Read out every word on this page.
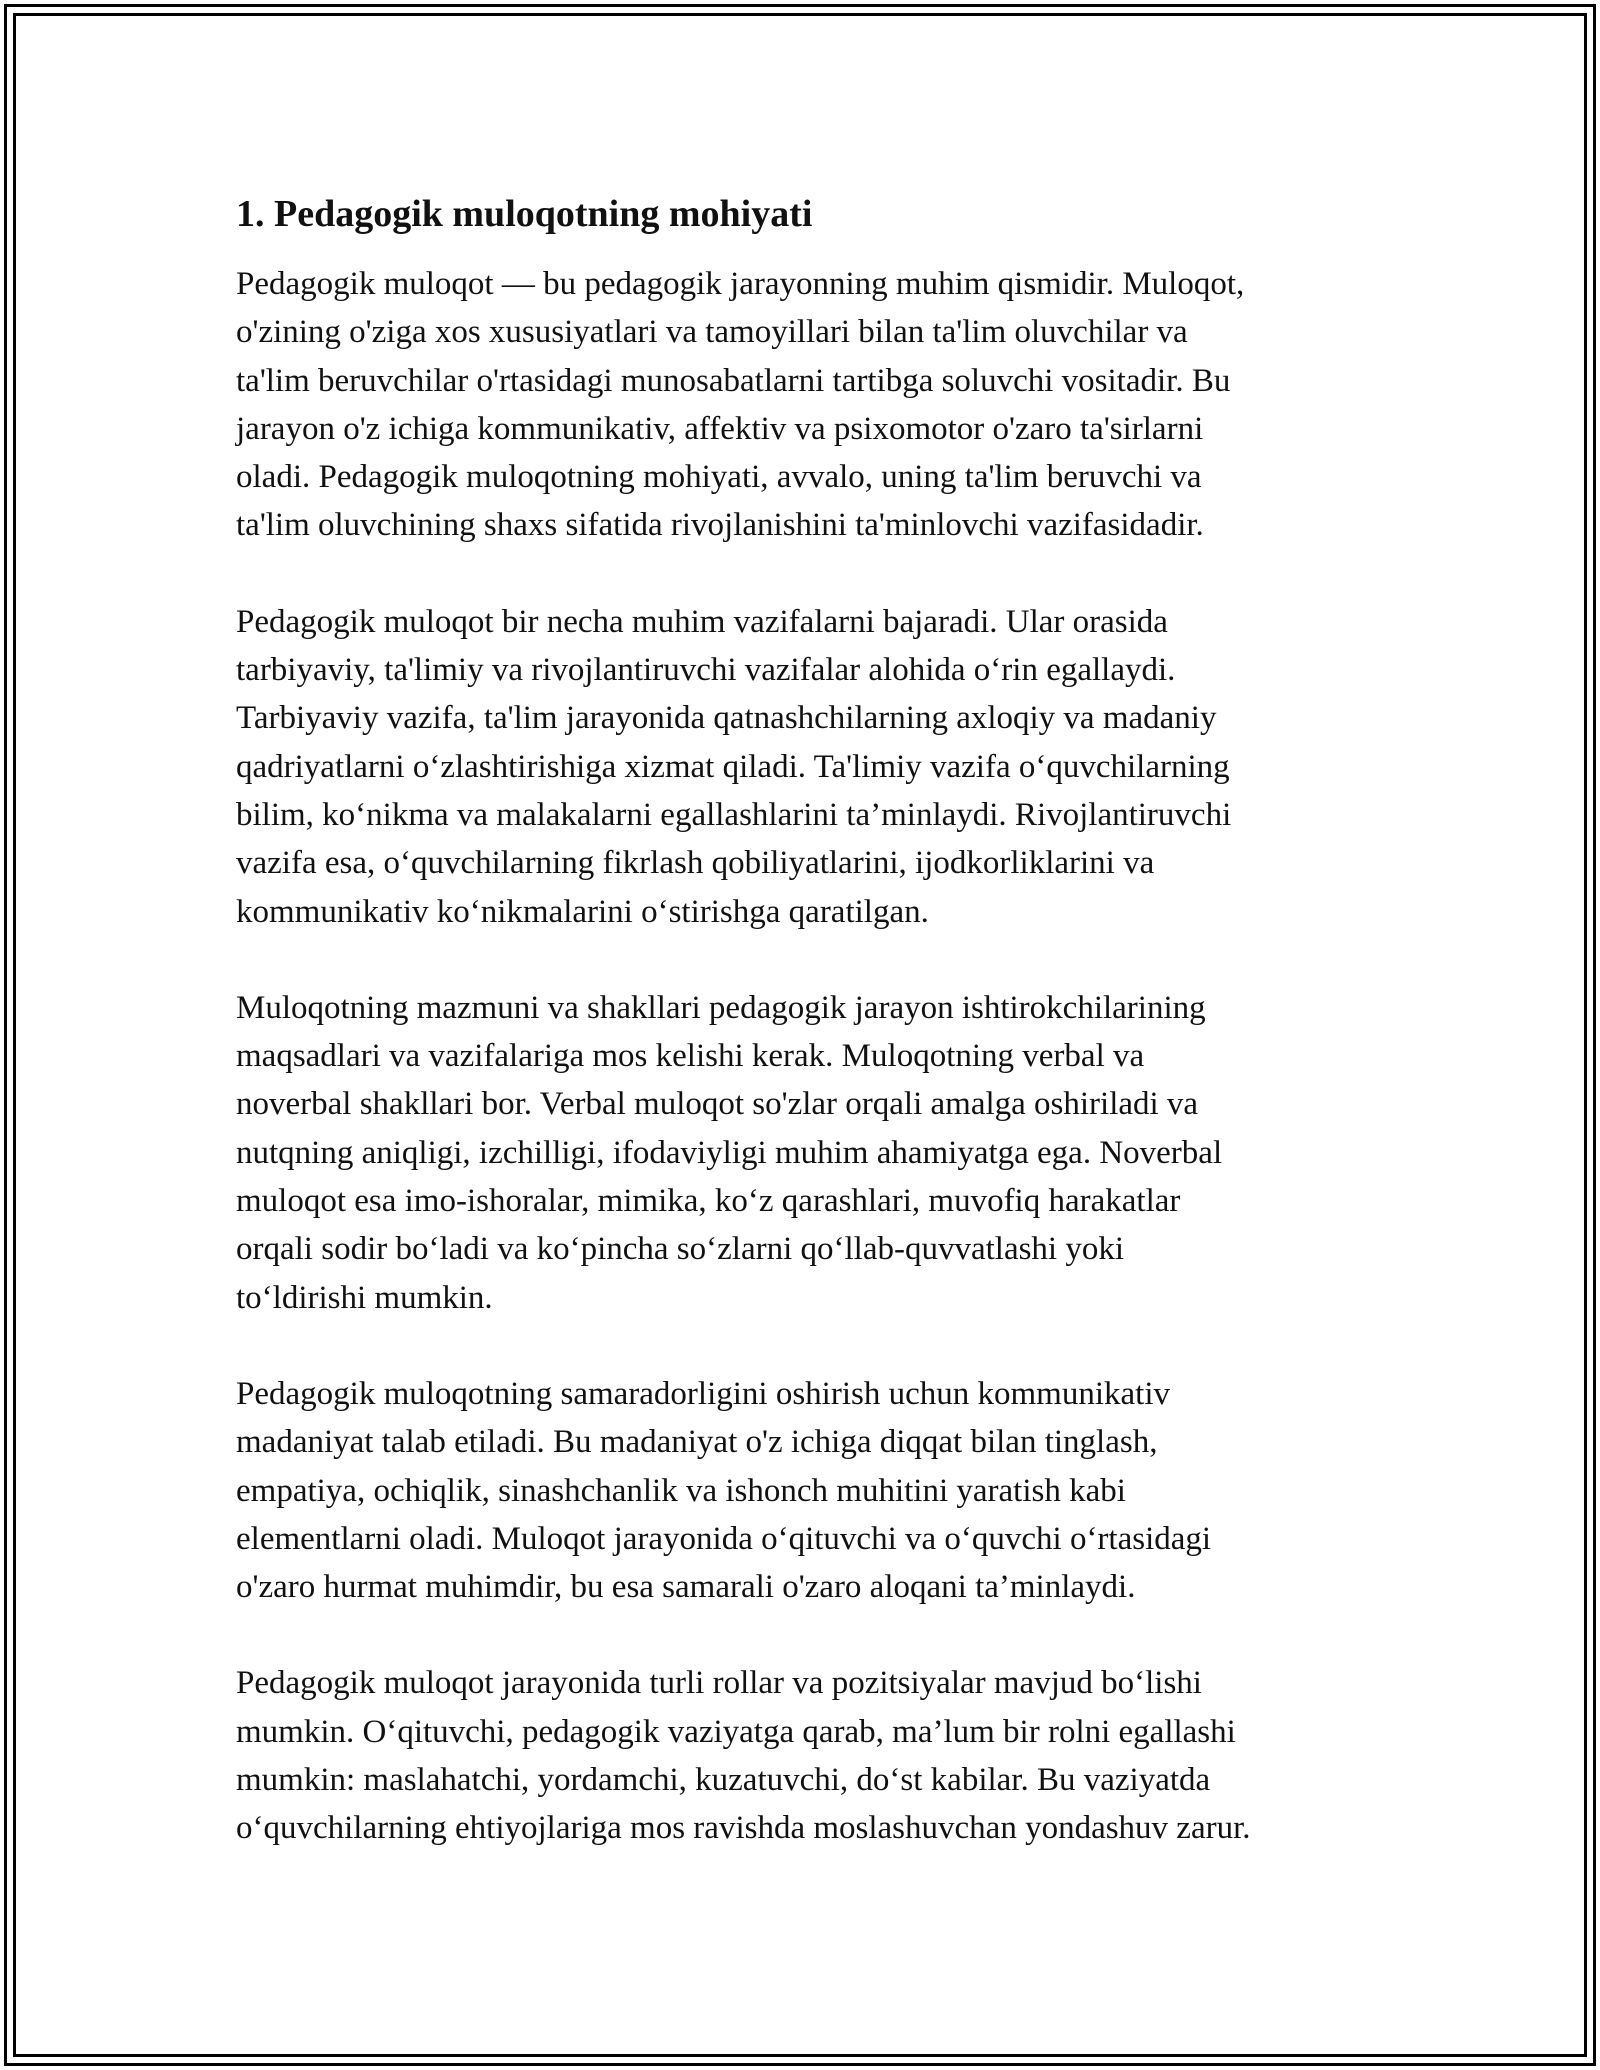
1. Pedagogik muloqotning mohiyati

Pedagogik muloqot — bu pedagogik jarayonning muhim qismidir. Muloqot,
o'zining o'ziga xos xususiyatlari va tamoyillari bilan ta'lim oluvchilar va
ta'lim beruvchilar o'rtasidagi munosabatlarni tartibga soluvchi vositadir. Bu
jarayon o'z ichiga kommunikativ, affektiv va psixomotor o'zaro ta'sirlarni
oladi. Pedagogik muloqotning mohiyati, avvalo, uning ta'lim beruvchi va
ta'lim oluvchining shaxs sifatida rivojlanishini ta'minlovchi vazifasidadir.

Pedagogik muloqot bir necha muhim vazifalarni bajaradi. Ular orasida
tarbiyaviy, ta'limiy va rivojlantiruvchi vazifalar alohida o‘rin egallaydi.
Tarbiyaviy vazifa, ta'lim jarayonida qatnashchilarning axloqiy va madaniy
qadriyatlarni o‘zlashtirishiga xizmat qiladi. Ta'limiy vazifa o‘quvchilarning
bilim, ko‘nikma va malakalarni egallashlarini ta’minlaydi. Rivojlantiruvchi
vazifa esa, o‘quvchilarning fikrlash qobiliyatlarini, ijodkorliklarini va
kommunikativ ko‘nikmalarini o‘stirishga qaratilgan.

Muloqotning mazmuni va shakllari pedagogik jarayon ishtirokchilarining
maqsadlari va vazifalariga mos kelishi kerak. Muloqotning verbal va
noverbal shakllari bor. Verbal muloqot so'zlar orqali amalga oshiriladi va
nutqning aniqligi, izchilligi, ifodaviyligi muhim ahamiyatga ega. Noverbal
muloqot esa imo-ishoralar, mimika, ko‘z qarashlari, muvofiq harakatlar
orqali sodir bo‘ladi va ko‘pincha so‘zlarni qo‘llab-quvvatlashi yoki
to‘ldirishi mumkin.

Pedagogik muloqotning samaradorligini oshirish uchun kommunikativ
madaniyat talab etiladi. Bu madaniyat o'z ichiga diqqat bilan tinglash,
empatiya, ochiqlik, sinashchanlik va ishonch muhitini yaratish kabi
elementlarni oladi. Muloqot jarayonida o‘qituvchi va o‘quvchi o‘rtasidagi
o'zaro hurmat muhimdir, bu esa samarali o'zaro aloqani ta’minlaydi.

Pedagogik muloqot jarayonida turli rollar va pozitsiyalar mavjud bo‘lishi
mumkin. O‘qituvchi, pedagogik vaziyatga qarab, ma’lum bir rolni egallashi
mumkin: maslahatchi, yordamchi, kuzatuvchi, do‘st kabilar. Bu vaziyatda
o‘quvchilarning ehtiyojlariga mos ravishda moslashuvchan yondashuv zarur.
